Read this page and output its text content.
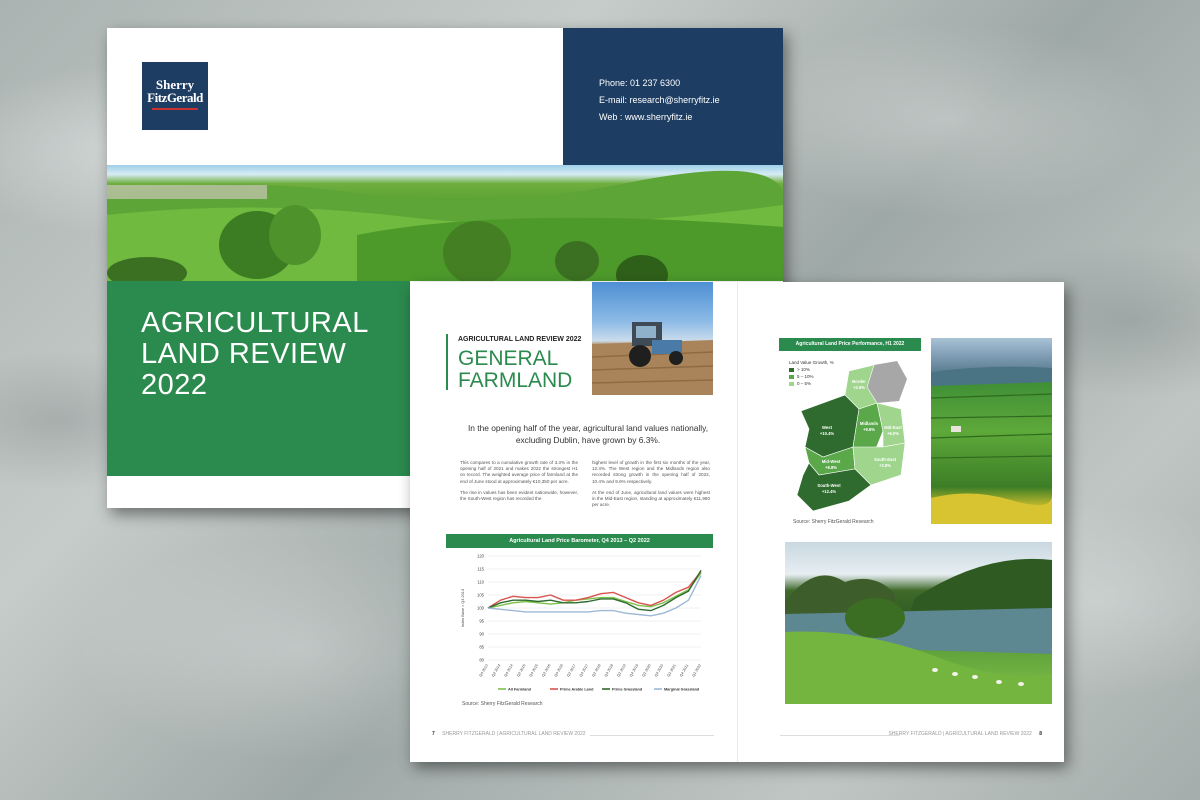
Sherry
FitzGerald
Phone: 01 237 6300
E-mail: research@sherryfitz.ie
Web : www.sherryfitz.ie
AGRICULTURAL
LAND REVIEW
2022
AGRICULTURAL LAND REVIEW 2022
GENERAL
FARMLAND
In the opening half of the year, agricultural land values nationally, excluding Dublin, have grown by 6.3%.

This compares to a cumulative growth rate of 3.3% in the opening half of 2021 and makes 2022 the strongest H1 on record. The weighted average price of farmland at the end of June stood at approximately €10,350 per acre.

The rise in values has been evident nationwide, however, the South-West region has recorded the

highest level of growth in the first six months of the year, 12.4%. The West region and the Midlands region also recorded strong growth in the opening half of 2022, 10.4% and 9.6% respectively.

At the end of June, agricultural land values were highest in the Mid-East region, standing at approximately €11,980 per acre.

Agricultural Land Price Barometer, Q4 2013 – Q2 2022
80
85
90
95
100
105
110
115
120
Index Base = Q4 2013
Q4 2013 Q2 2014 Q4 2014 Q2 2015 Q4 2015 Q2 2016 Q4 2016 Q2 2017 Q4 2017 Q2 2018 Q4 2018 Q2 2019 Q4 2019 Q2 2020 Q4 2020 Q2 2021 Q4 2021 Q2 2022
All Farmland	Prime Arable Land	Prime Grassland	Marginal Grassland
Source: Sherry FitzGerald Research
7 SHERRY FITZGERALD | AGRICULTURAL LAND REVIEW 2022	SHERRY FITZGERALD | AGRICULTURAL LAND REVIEW 2022 8
Agricultural Land Price Performance, H1 2022
West
+10.4%
Midlands
+9.6% Mid-East
+6.0%
Mid-West
+8.8%
South-East
+2.8%
South-West
+12.4%
Border
+2.6%
Land Value Growth, %
> 10%
5 – 10%
0 – 5%
Source: Sherry FitzGerald Research
